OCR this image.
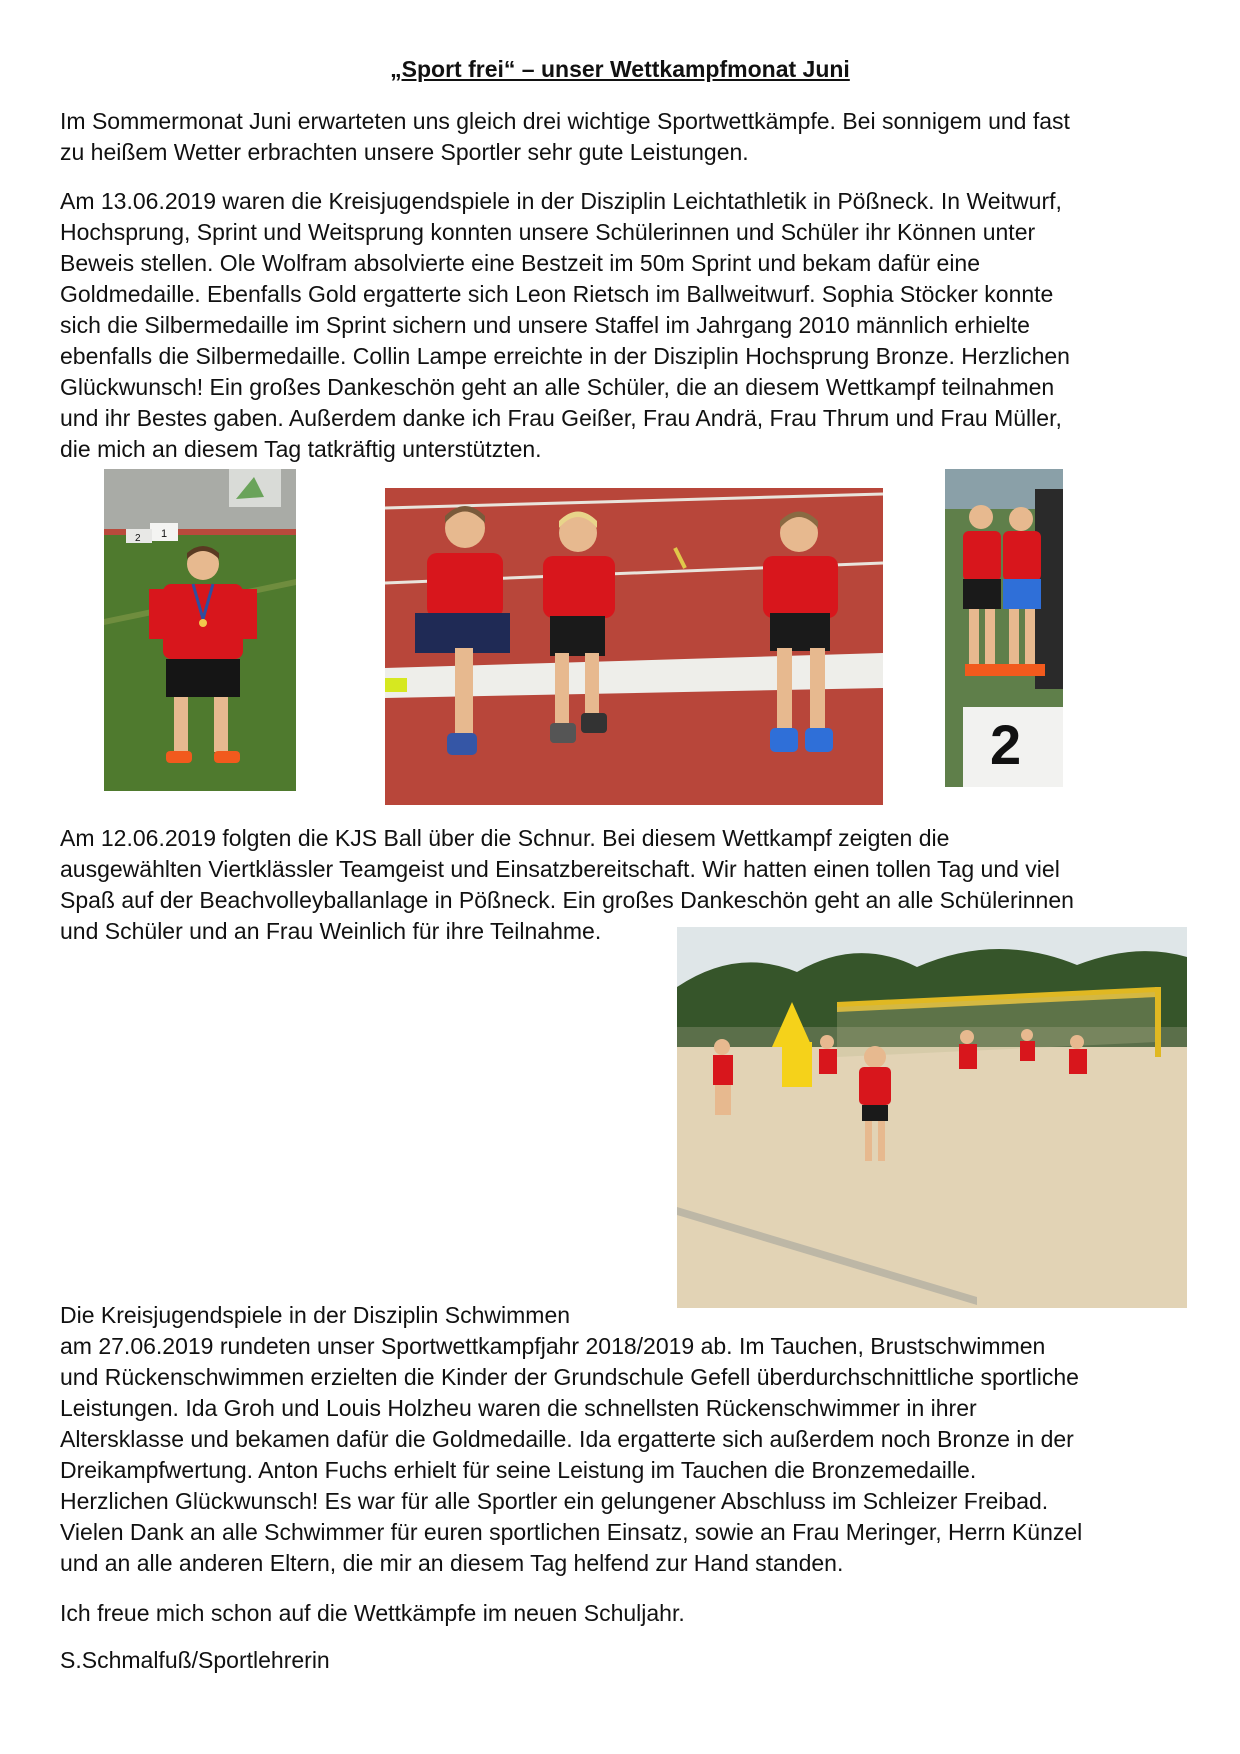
„Sport frei“ – unser Wettkampfmonat Juni

Im Sommermonat Juni erwarteten uns gleich drei wichtige Sportwettkämpfe. Bei sonnigem und fast
zu heißem Wetter erbrachten unsere Sportler sehr gute Leistungen.

Am 13.06.2019 waren die Kreisjugendspiele in der Disziplin Leichtathletik in Pößneck. In Weitwurf,
Hochsprung, Sprint und Weitsprung konnten unsere Schülerinnen und Schüler ihr Können unter
Beweis stellen. Ole Wolfram absolvierte eine Bestzeit im 50m Sprint und bekam dafür eine
Goldmedaille. Ebenfalls Gold ergatterte sich Leon Rietsch im Ballweitwurf. Sophia Stöcker konnte
sich die Silbermedaille im Sprint sichern und unsere Staffel im Jahrgang 2010 männlich erhielte
ebenfalls die Silbermedaille. Collin Lampe erreichte in der Disziplin Hochsprung Bronze. Herzlichen
Glückwunsch! Ein großes Dankeschön geht an alle Schüler, die an diesem Wettkampf teilnahmen
und ihr Bestes gaben. Außerdem danke ich Frau Geißer, Frau Andrä, Frau Thrum und Frau Müller,
die mich an diesem Tag tatkräftig unterstützten.

1
2
2

Am 12.06.2019 folgten die KJS Ball über die Schnur. Bei diesem Wettkampf zeigten die
ausgewählten Viertklässler Teamgeist und Einsatzbereitschaft. Wir hatten einen tollen Tag und viel
Spaß auf der Beachvolleyballanlage in Pößneck. Ein großes Dankeschön geht an alle Schülerinnen
und Schüler und an Frau Weinlich für ihre Teilnahme.

Die Kreisjugendspiele in der Disziplin Schwimmen
am 27.06.2019 rundeten unser Sportwettkampfjahr 2018/2019 ab. Im Tauchen, Brustschwimmen
und Rückenschwimmen erzielten die Kinder der Grundschule Gefell überdurchschnittliche sportliche
Leistungen. Ida Groh und Louis Holzheu waren die schnellsten Rückenschwimmer in ihrer
Altersklasse und bekamen dafür die Goldmedaille. Ida ergatterte sich außerdem noch Bronze in der
Dreikampfwertung. Anton Fuchs erhielt für seine Leistung im Tauchen die Bronzemedaille.
Herzlichen Glückwunsch! Es war für alle Sportler ein gelungener Abschluss im Schleizer Freibad.
Vielen Dank an alle Schwimmer für euren sportlichen Einsatz, sowie an Frau Meringer, Herrn Künzel
und an alle anderen Eltern, die mir an diesem Tag helfend zur Hand standen.

Ich freue mich schon auf die Wettkämpfe im neuen Schuljahr.

S.Schmalfuß/Sportlehrerin
